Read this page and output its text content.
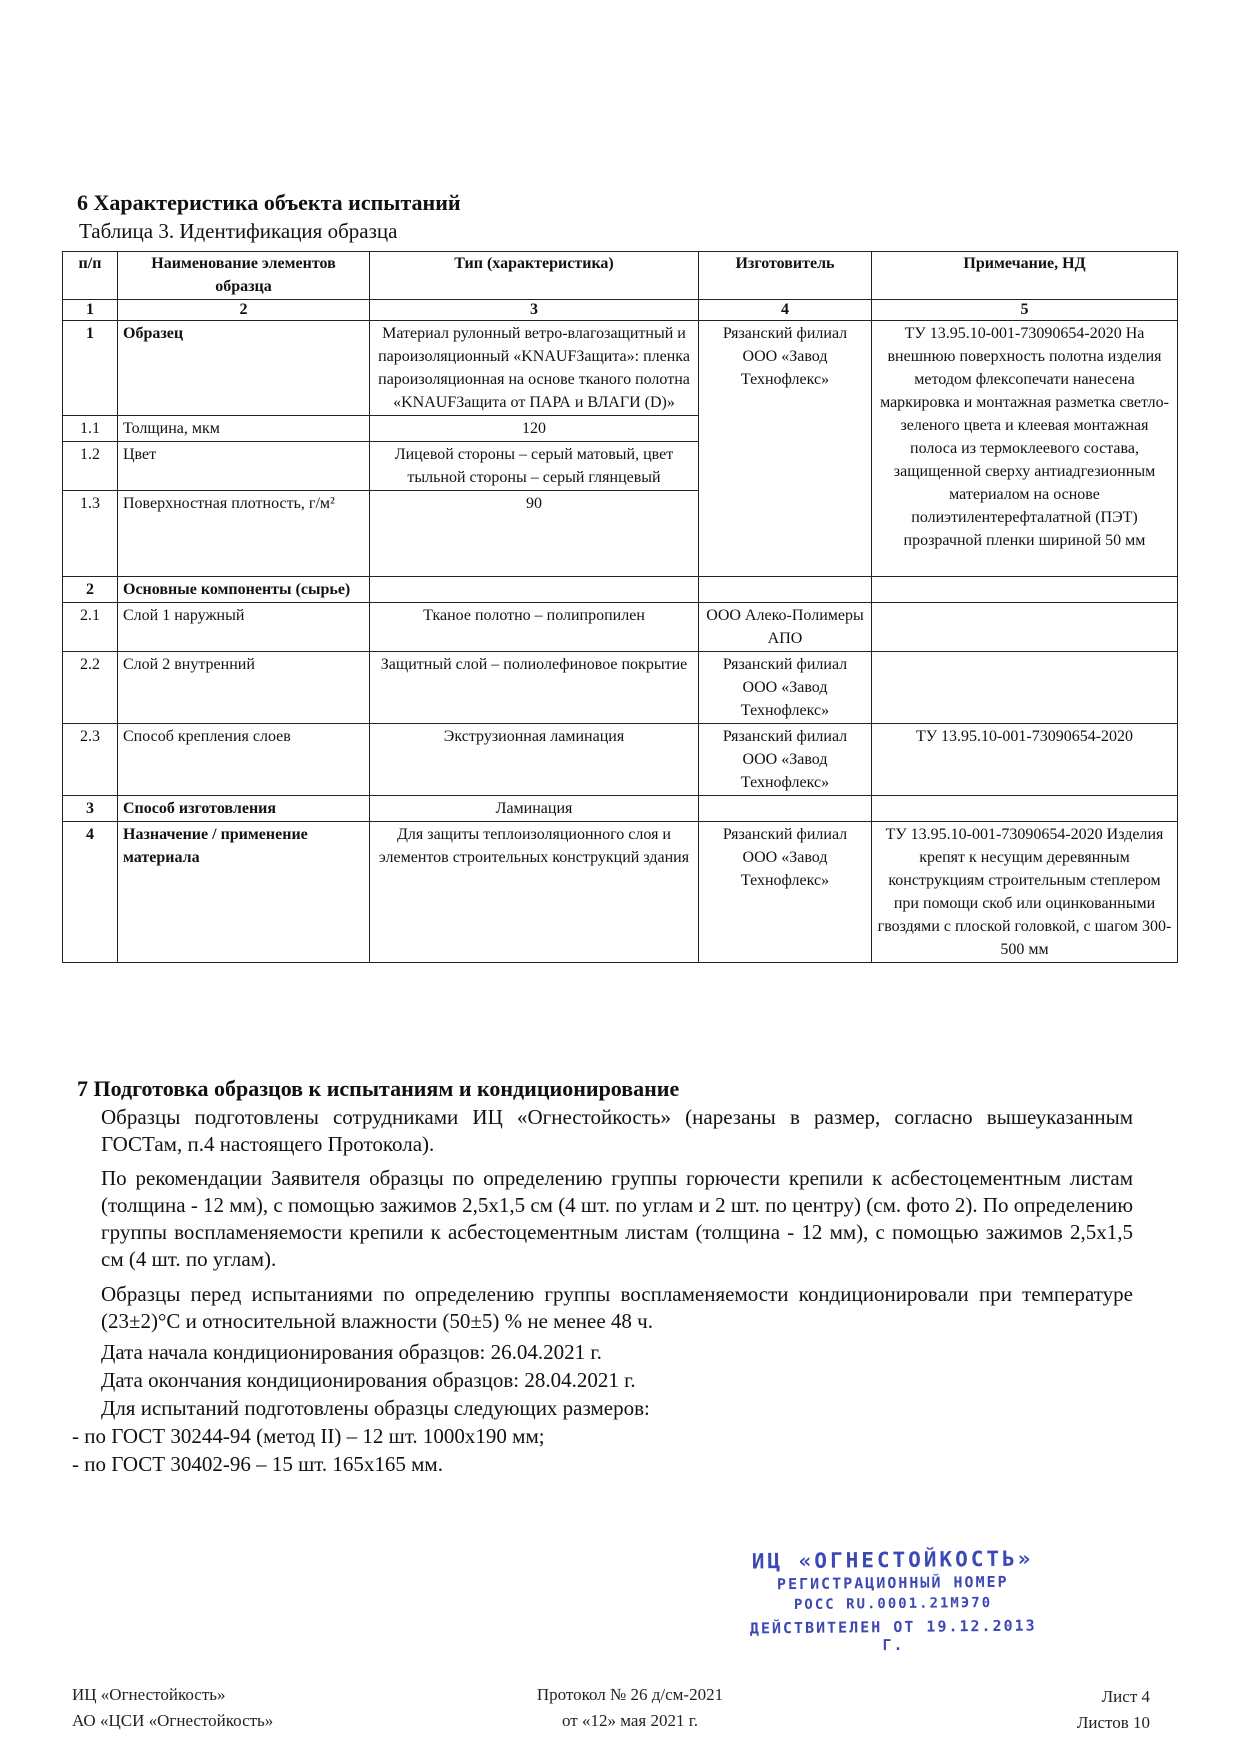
6 Характеристика объекта испытаний
Таблица 3. Идентификация образца
п/п	Наименование элементов образца	Тип (характеристика)	Изготовитель	Примечание, НД
1	2	3	4	5
1	Образец	Материал рулонный ветро-влагозащитный и пароизоляционный «KNAUFЗащита»: пленка пароизоляционная на основе тканого полотна «KNAUFЗащита от ПАРА и ВЛАГИ (D)»	Рязанский филиал ООО «Завод Технофлекс»	ТУ 13.95.10-001-73090654-2020 На внешнюю поверхность полотна изделия методом флексопечати нанесена маркировка и монтажная разметка светло-зеленого цвета и клеевая монтажная полоса из термоклеевого состава, защищенной сверху антиадгезионным материалом на основе полиэтилентерефталатной (ПЭТ) прозрачной пленки шириной 50 мм
1.1	Толщина, мкм	120		
1.2	Цвет	Лицевой стороны – серый матовый, цвет тыльной стороны – серый глянцевый		
1.3	Поверхностная плотность, г/м²	90		
2	Основные компоненты (сырье)			
2.1	Слой 1 наружный	Тканое полотно – полипропилен	ООО Алеко-Полимеры АПО	
2.2	Слой 2 внутренний	Защитный слой – полиолефиновое покрытие	Рязанский филиал ООО «Завод Технофлекс»	
2.3	Способ крепления слоев	Экструзионная ламинация	Рязанский филиал ООО «Завод Технофлекс»	ТУ 13.95.10-001-73090654-2020
3	Способ изготовления	Ламинация		
4	Назначение / применение материала	Для защиты теплоизоляционного слоя и элементов строительных конструкций здания	Рязанский филиал ООО «Завод Технофлекс»	ТУ 13.95.10-001-73090654-2020 Изделия крепят к несущим деревянным конструкциям строительным степлером при помощи скоб или оцинкованными гвоздями с плоской головкой, с шагом 300-500 мм
7 Подготовка образцов к испытаниям и кондиционирование
Образцы подготовлены сотрудниками ИЦ «Огнестойкость» (нарезаны в размер, согласно вышеуказанным ГОСТам, п.4 настоящего Протокола).
По рекомендации Заявителя образцы по определению группы горючести крепили к асбестоцементным листам (толщина - 12 мм), с помощью зажимов 2,5х1,5 см (4 шт. по углам и 2 шт. по центру) (см. фото 2). По определению группы воспламеняемости крепили к асбестоцементным листам (толщина - 12 мм), с помощью зажимов 2,5х1,5 см (4 шт. по углам).
Образцы перед испытаниями по определению группы воспламеняемости кондиционировали при температуре (23±2)°С и относительной влажности (50±5) % не менее 48 ч.
Дата начала кондиционирования образцов: 26.04.2021 г.
Дата окончания кондиционирования образцов: 28.04.2021 г.
Для испытаний подготовлены образцы следующих размеров:
- по ГОСТ 30244-94 (метод II) – 12 шт. 1000х190 мм;
- по ГОСТ 30402-96 – 15 шт. 165х165 мм.
ИЦ «ОГНЕСТОЙКОСТЬ»
РЕГИСТРАЦИОННЫЙ НОМЕР
РОСС RU.0001.21МЭ70
ДЕЙСТВИТЕЛЕН ОТ 19.12.2013 Г.
ИЦ «Огнестойкость»
АО «ЦСИ «Огнестойкость»
Протокол № 26 д/см-2021
от «12» мая 2021 г.
Лист 4
Листов 10
